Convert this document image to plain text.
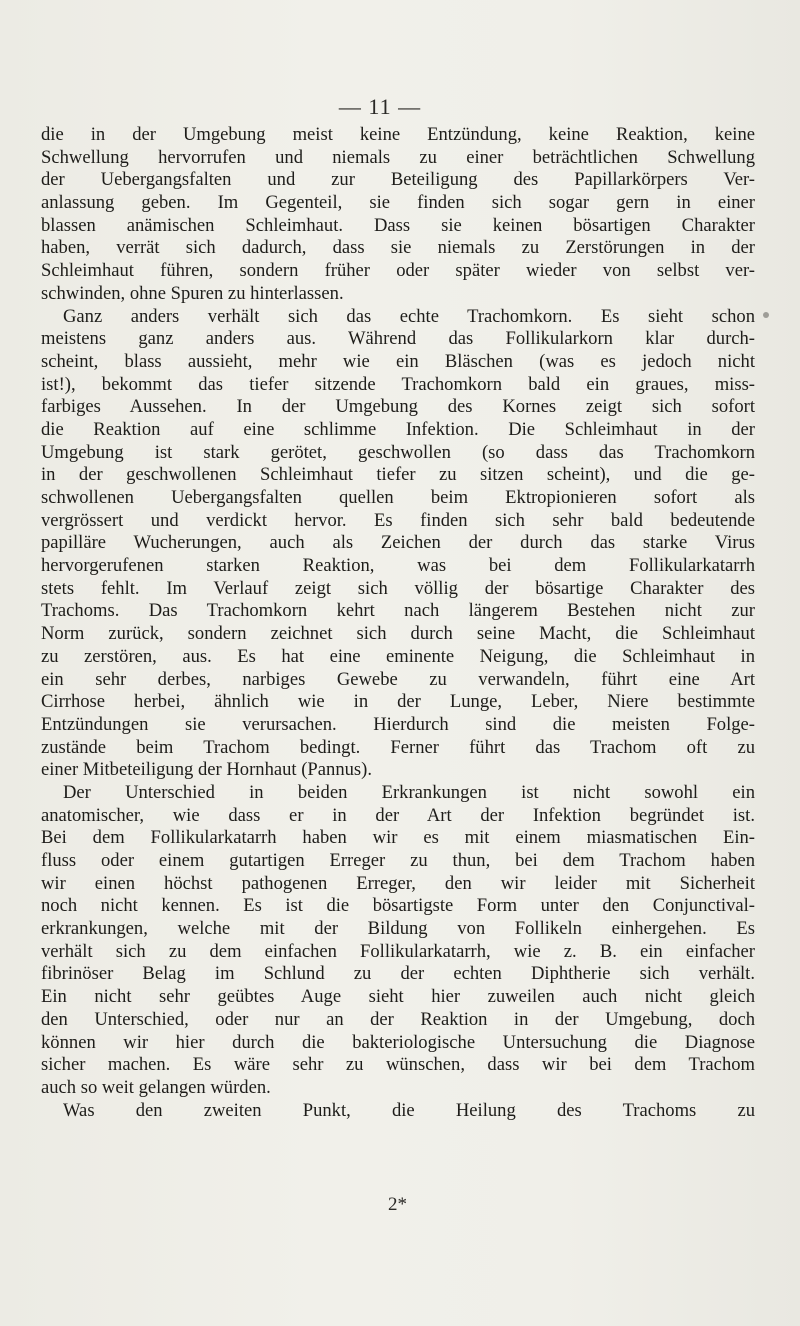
— 11 —
die in der Umgebung meist keine Entzündung, keine Reaktion, keine
Schwellung hervorrufen und niemals zu einer beträchtlichen Schwellung
der Uebergangsfalten und zur Beteiligung des Papillarkörpers Ver-
anlassung geben. Im Gegenteil, sie finden sich sogar gern in einer
blassen anämischen Schleimhaut. Dass sie keinen bösartigen Charakter
haben, verrät sich dadurch, dass sie niemals zu Zerstörungen in der
Schleimhaut führen, sondern früher oder später wieder von selbst ver-
schwinden, ohne Spuren zu hinterlassen.
Ganz anders verhält sich das echte Trachomkorn. Es sieht schon
meistens ganz anders aus. Während das Follikularkorn klar durch-
scheint, blass aussieht, mehr wie ein Bläschen (was es jedoch nicht
ist!), bekommt das tiefer sitzende Trachomkorn bald ein graues, miss-
farbiges Aussehen. In der Umgebung des Kornes zeigt sich sofort
die Reaktion auf eine schlimme Infektion. Die Schleimhaut in der
Umgebung ist stark gerötet, geschwollen (so dass das Trachomkorn
in der geschwollenen Schleimhaut tiefer zu sitzen scheint), und die ge-
schwollenen Uebergangsfalten quellen beim Ektropionieren sofort als
vergrössert und verdickt hervor. Es finden sich sehr bald bedeutende
papilläre Wucherungen, auch als Zeichen der durch das starke Virus
hervorgerufenen starken Reaktion, was bei dem Follikularkatarrh
stets fehlt. Im Verlauf zeigt sich völlig der bösartige Charakter des
Trachoms. Das Trachomkorn kehrt nach längerem Bestehen nicht zur
Norm zurück, sondern zeichnet sich durch seine Macht, die Schleimhaut
zu zerstören, aus. Es hat eine eminente Neigung, die Schleimhaut in
ein sehr derbes, narbiges Gewebe zu verwandeln, führt eine Art
Cirrhose herbei, ähnlich wie in der Lunge, Leber, Niere bestimmte
Entzündungen sie verursachen. Hierdurch sind die meisten Folge-
zustände beim Trachom bedingt. Ferner führt das Trachom oft zu
einer Mitbeteiligung der Hornhaut (Pannus).
Der Unterschied in beiden Erkrankungen ist nicht sowohl ein
anatomischer, wie dass er in der Art der Infektion begründet ist.
Bei dem Follikularkatarrh haben wir es mit einem miasmatischen Ein-
fluss oder einem gutartigen Erreger zu thun, bei dem Trachom haben
wir einen höchst pathogenen Erreger, den wir leider mit Sicherheit
noch nicht kennen. Es ist die bösartigste Form unter den Conjunctival-
erkrankungen, welche mit der Bildung von Follikeln einhergehen. Es
verhält sich zu dem einfachen Follikularkatarrh, wie z. B. ein einfacher
fibrinöser Belag im Schlund zu der echten Diphtherie sich verhält.
Ein nicht sehr geübtes Auge sieht hier zuweilen auch nicht gleich
den Unterschied, oder nur an der Reaktion in der Umgebung, doch
können wir hier durch die bakteriologische Untersuchung die Diagnose
sicher machen. Es wäre sehr zu wünschen, dass wir bei dem Trachom
auch so weit gelangen würden.
Was den zweiten Punkt, die Heilung des Trachoms zu
2*
